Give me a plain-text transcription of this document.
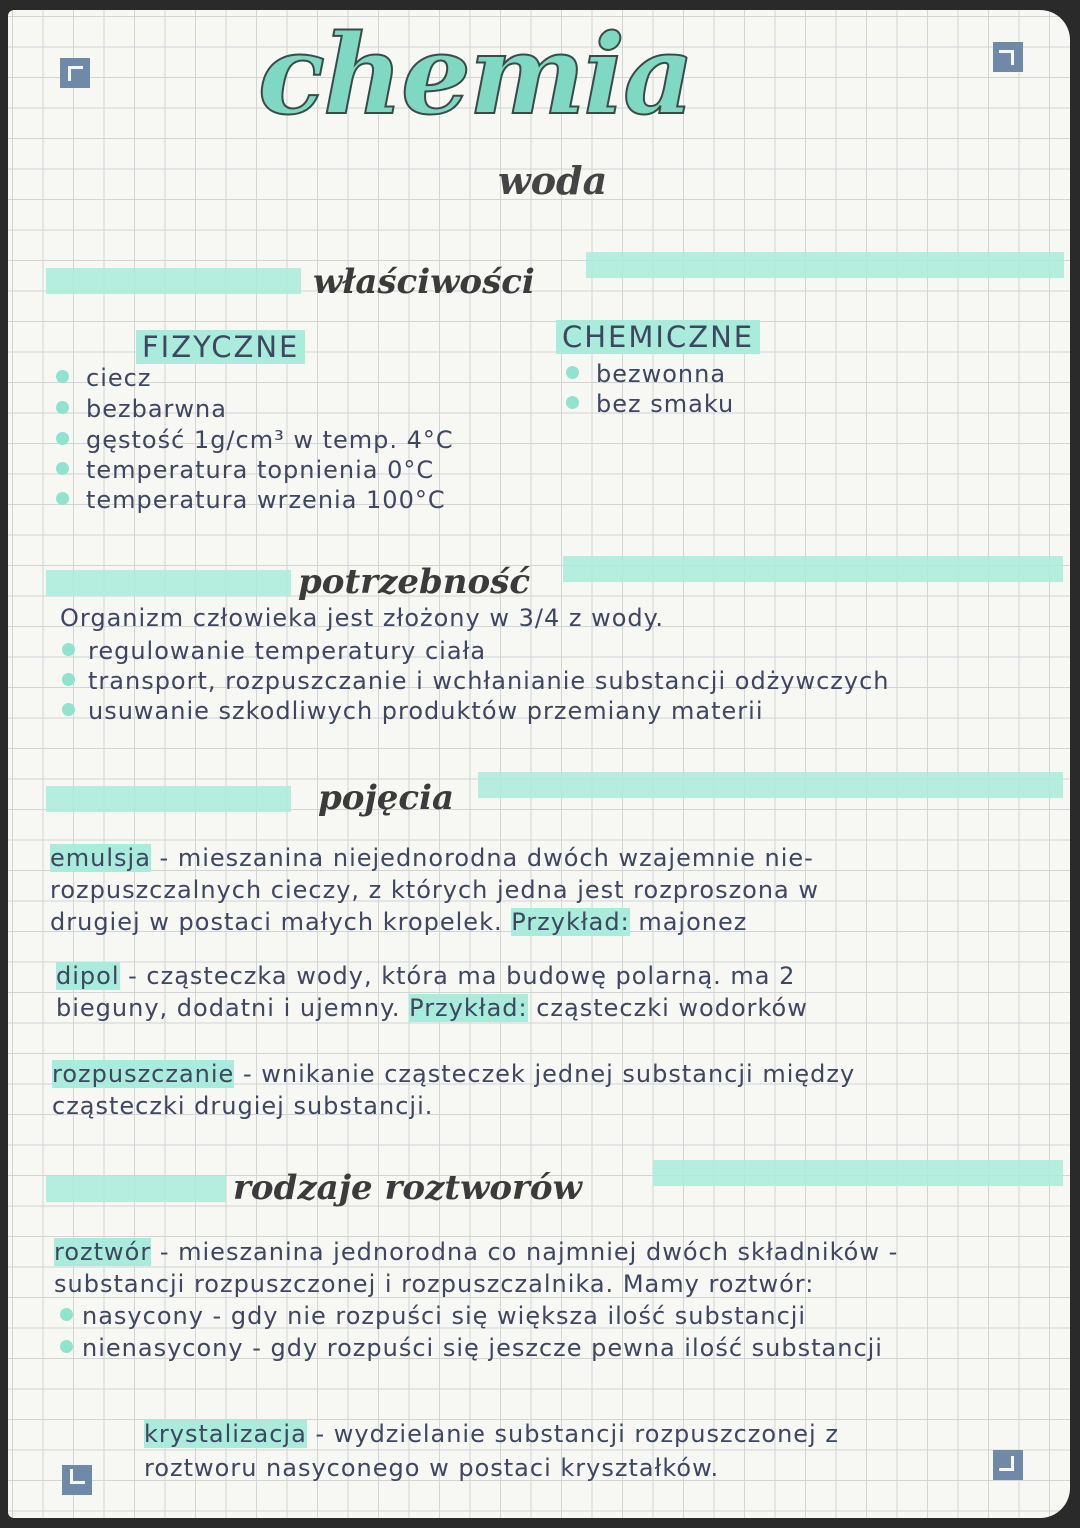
chemia
woda
właściwości
FIZYCZNE	CHEMICZNE
ciecz
bezbarwna
gęstość 1g/cm³ w temp. 4°C
temperatura topnienia 0°C
temperatura wrzenia 100°C
bezwonna
bez smaku
potrzebność
Organizm człowieka jest złożony w 3/4 z wody.
regulowanie temperatury ciała
transport, rozpuszczanie i wchłanianie substancji odżywczych
usuwanie szkodliwych produktów przemiany materii
pojęcia
emulsja - mieszanina niejednorodna dwóch wzajemnie nie-
rozpuszczalnych cieczy, z których jedna jest rozproszona w
drugiej w postaci małych kropelek. Przykład: majonez
dipol - cząsteczka wody, która ma budowę polarną. ma 2
bieguny, dodatni i ujemny. Przykład: cząsteczki wodorków
rozpuszczanie - wnikanie cząsteczek jednej substancji między
cząsteczki drugiej substancji.
rodzaje roztworów
roztwór - mieszanina jednorodna co najmniej dwóch składników -
substancji rozpuszczonej i rozpuszczalnika. Mamy roztwór:
nasycony - gdy nie rozpuści się większa ilość substancji
nienasycony - gdy rozpuści się jeszcze pewna ilość substancji
krystalizacja - wydzielanie substancji rozpuszczonej z
roztworu nasyconego w postaci kryształków.
